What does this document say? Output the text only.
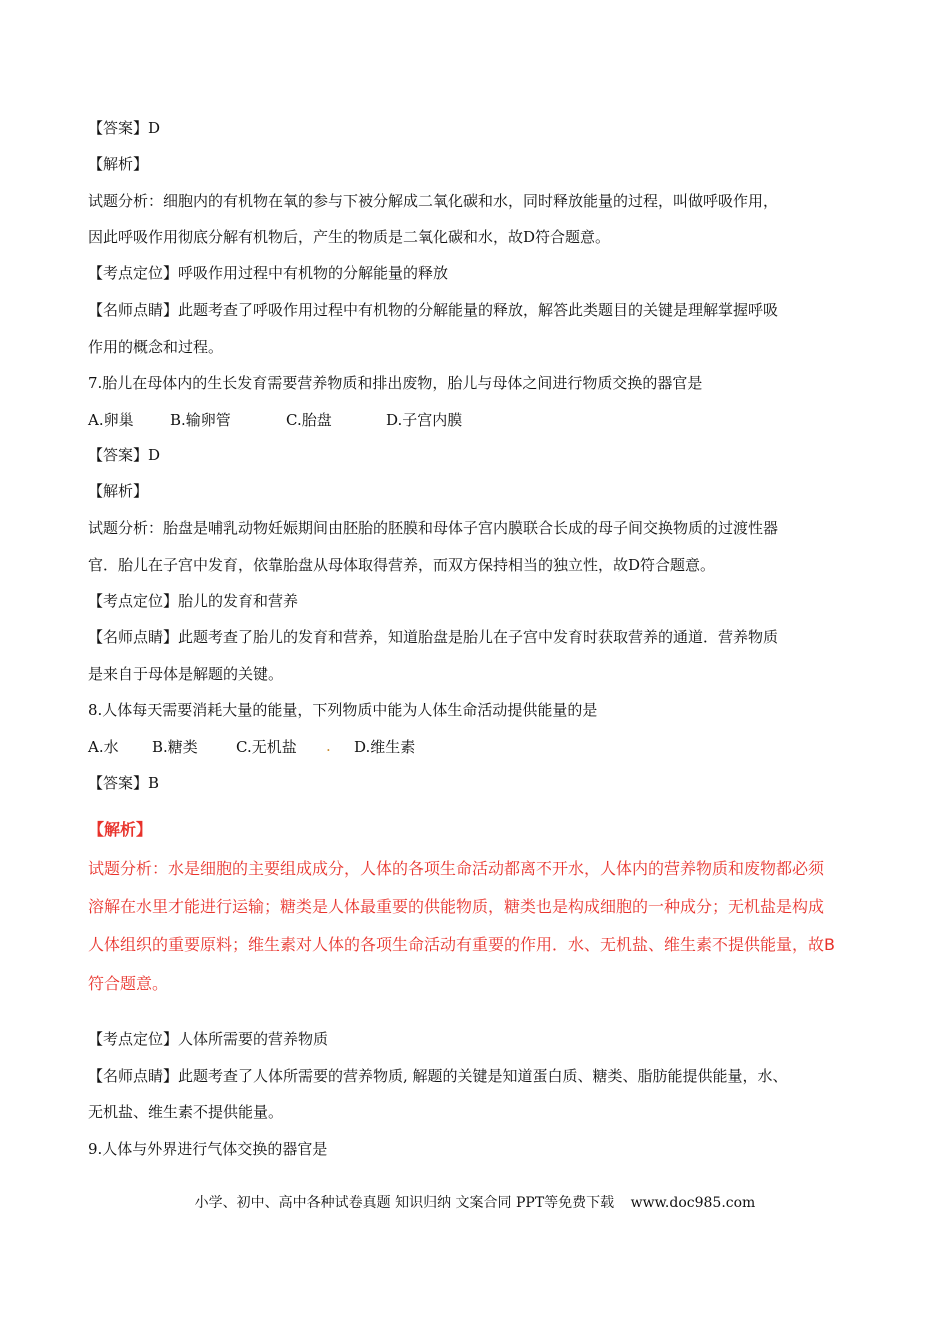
【答案】D
【解析】
试题分析：细胞内的有机物在氧的参与下被分解成二氧化碳和水，同时释放能量的过程，叫做呼吸作用，
因此呼吸作用彻底分解有机物后，产生的物质是二氧化碳和水，故D符合题意。
【考点定位】呼吸作用过程中有机物的分解能量的释放
【名师点睛】此题考查了呼吸作用过程中有机物的分解能量的释放，解答此类题目的关键是理解掌握呼吸
作用的概念和过程。
7.胎儿在母体内的生长发育需要营养物质和排出废物，胎儿与母体之间进行物质交换的器官是
A.卵巢 B.输卵管	C.胎盘	D.子宫内膜
【答案】D
【解析】
试题分析：胎盘是哺乳动物妊娠期间由胚胎的胚膜和母体子宫内膜联合长成的母子间交换物质的过渡性器
官．胎儿在子宫中发育，依靠胎盘从母体取得营养，而双方保持相当的独立性，故D符合题意。
【考点定位】胎儿的发育和营养
【名师点睛】此题考查了胎儿的发育和营养，知道胎盘是胎儿在子宫中发育时获取营养的通道．营养物质
是来自于母体是解题的关键。
8.人体每天需要消耗大量的能量，下列物质中能为人体生命活动提供能量的是
A.水 B.糖类	C.无机盐 . D.维生素
【答案】B
【解析】
试题分析：水是细胞的主要组成成分，人体的各项生命活动都离不开水，人体内的营养物质和废物都必须
溶解在水里才能进行运输；糖类是人体最重要的供能物质，糖类也是构成细胞的一种成分；无机盐是构成
人体组织的重要原料；维生素对人体的各项生命活动有重要的作用．水、无机盐、维生素不提供能量，故B
符合题意。
【考点定位】人体所需要的营养物质
【名师点睛】此题考查了人体所需要的营养物质, 解题的关键是知道蛋白质、糖类、脂肪能提供能量，水、
无机盐、维生素不提供能量。
9.人体与外界进行气体交换的器官是
小学、初中、高中各种试卷真题 知识归纳 文案合同 PPT等免费下载 www.doc985.com
